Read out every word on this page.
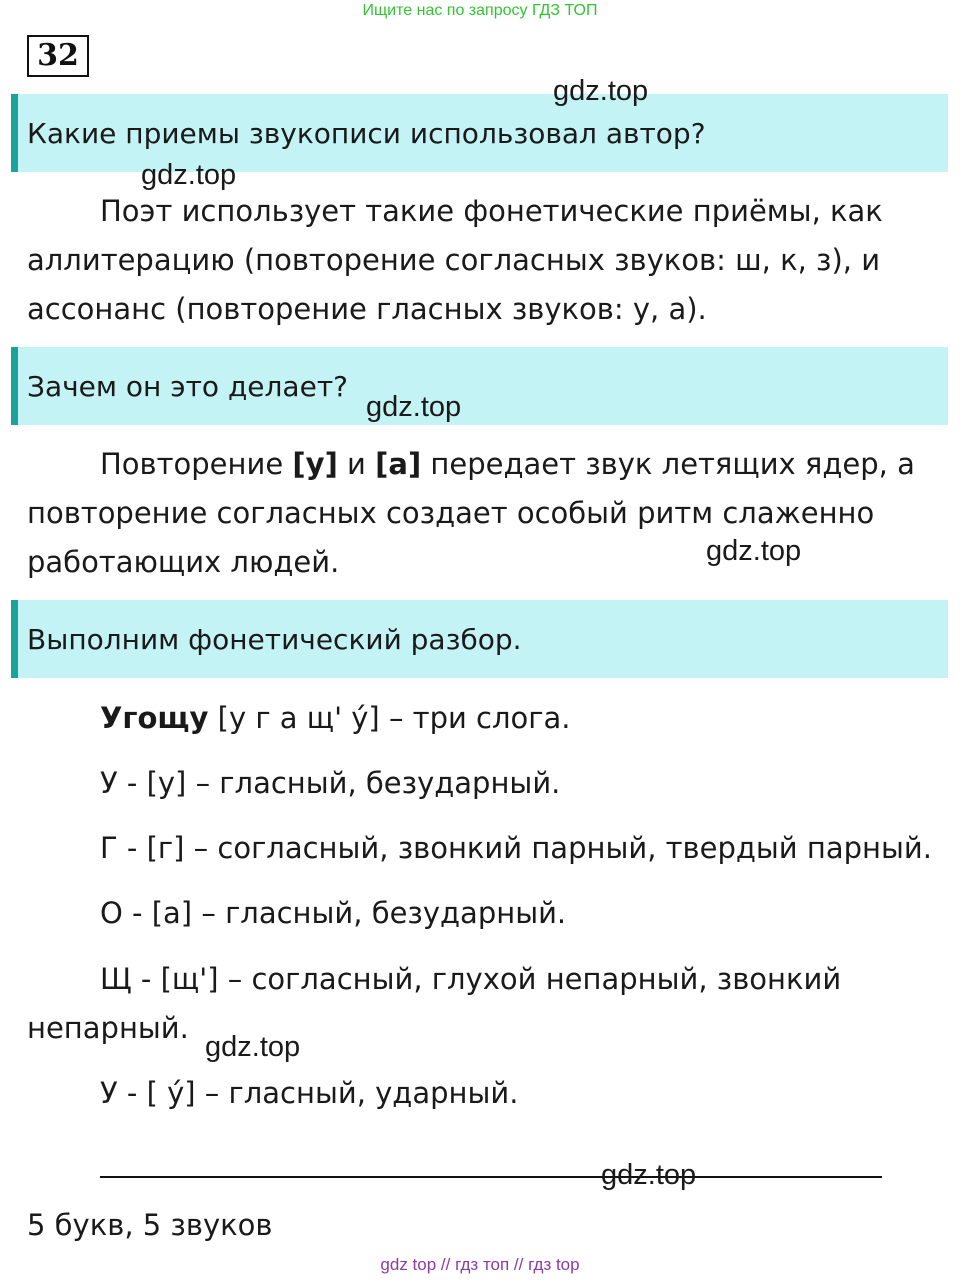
Ищите нас по запросу ГДЗ ТОП
32
Какие приемы звукописи использовал автор?
Поэт использует такие фонетические приёмы, как аллитерацию (повторение согласных звуков: ш, к, з), и ассонанс (повторение гласных звуков: у, а).
Зачем он это делает?
Повторение [у] и [а] передает звук летящих ядер, а повторение согласных создает особый ритм слаженно работающих людей.
Выполним фонетический разбор.
Угощу [у г а щ' у́] – три слога.
У - [у] – гласный, безударный.
Г - [г] – согласный, звонкий парный, твердый парный.
О - [а] – гласный, безударный.
Щ - [щ'] – согласный, глухой непарный, звонкий
непарный.
У - [ у́] – гласный, ударный.
5 букв, 5 звуков
gdz.top
gdz.top
gdz.top
gdz.top
gdz.top
gdz.top
gdz top // гдз топ // гдз top
